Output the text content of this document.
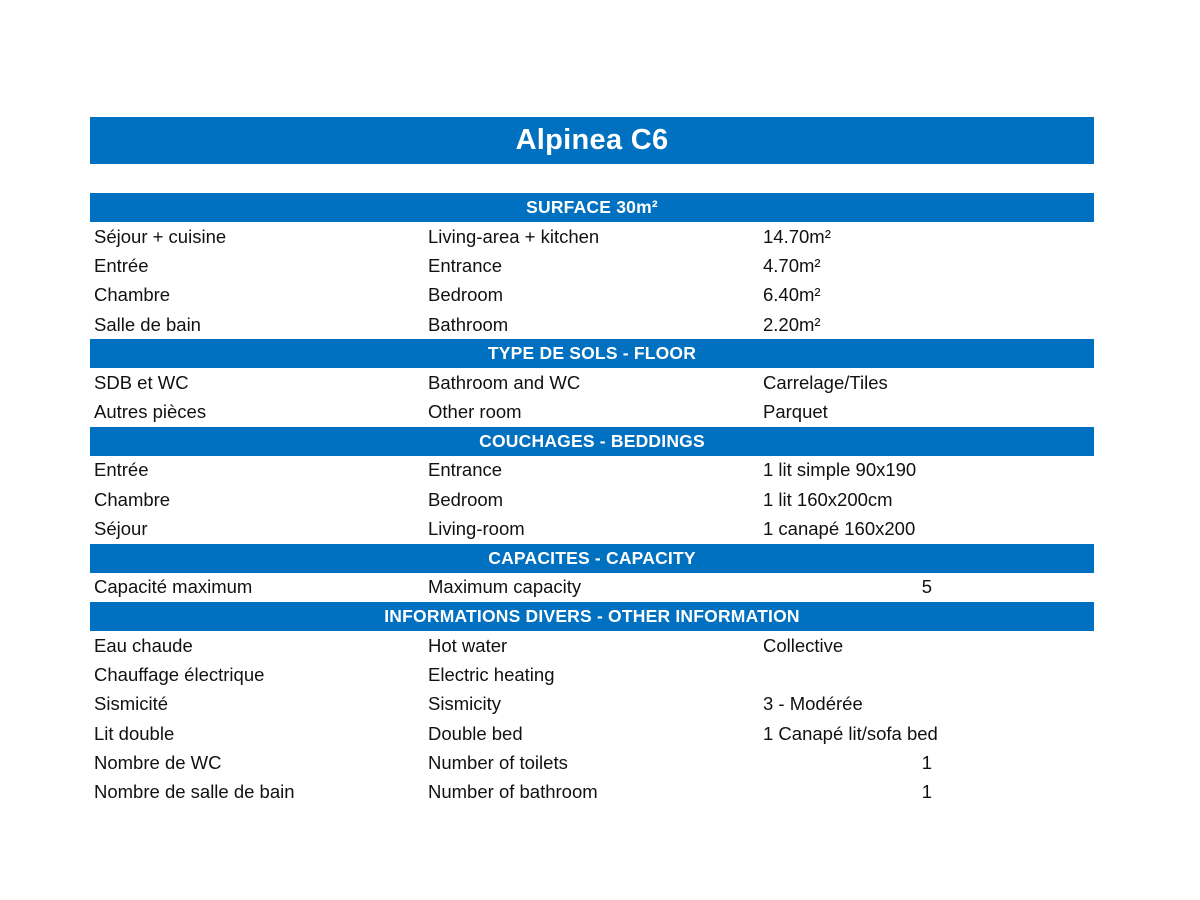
Alpinea C6
SURFACE 30m²
Séjour + cuisine	Living-area + kitchen	14.70m²
Entrée	Entrance	4.70m²
Chambre	Bedroom	6.40m²
Salle de bain	Bathroom	2.20m²
TYPE DE SOLS - FLOOR
SDB et WC	Bathroom and WC	Carrelage/Tiles
Autres pièces	Other room	Parquet
COUCHAGES - BEDDINGS
Entrée	Entrance	1 lit simple 90x190
Chambre	Bedroom	1 lit 160x200cm
Séjour	Living-room	1 canapé 160x200
CAPACITES - CAPACITY
Capacité maximum	Maximum capacity	5
INFORMATIONS DIVERS - OTHER INFORMATION
Eau chaude	Hot water	Collective
Chauffage électrique	Electric heating
Sismicité	Sismicity	3 - Modérée
Lit double	Double bed	1 Canapé lit/sofa bed
Nombre de WC	Number of toilets	1
Nombre de salle de bain	Number of bathroom	1
